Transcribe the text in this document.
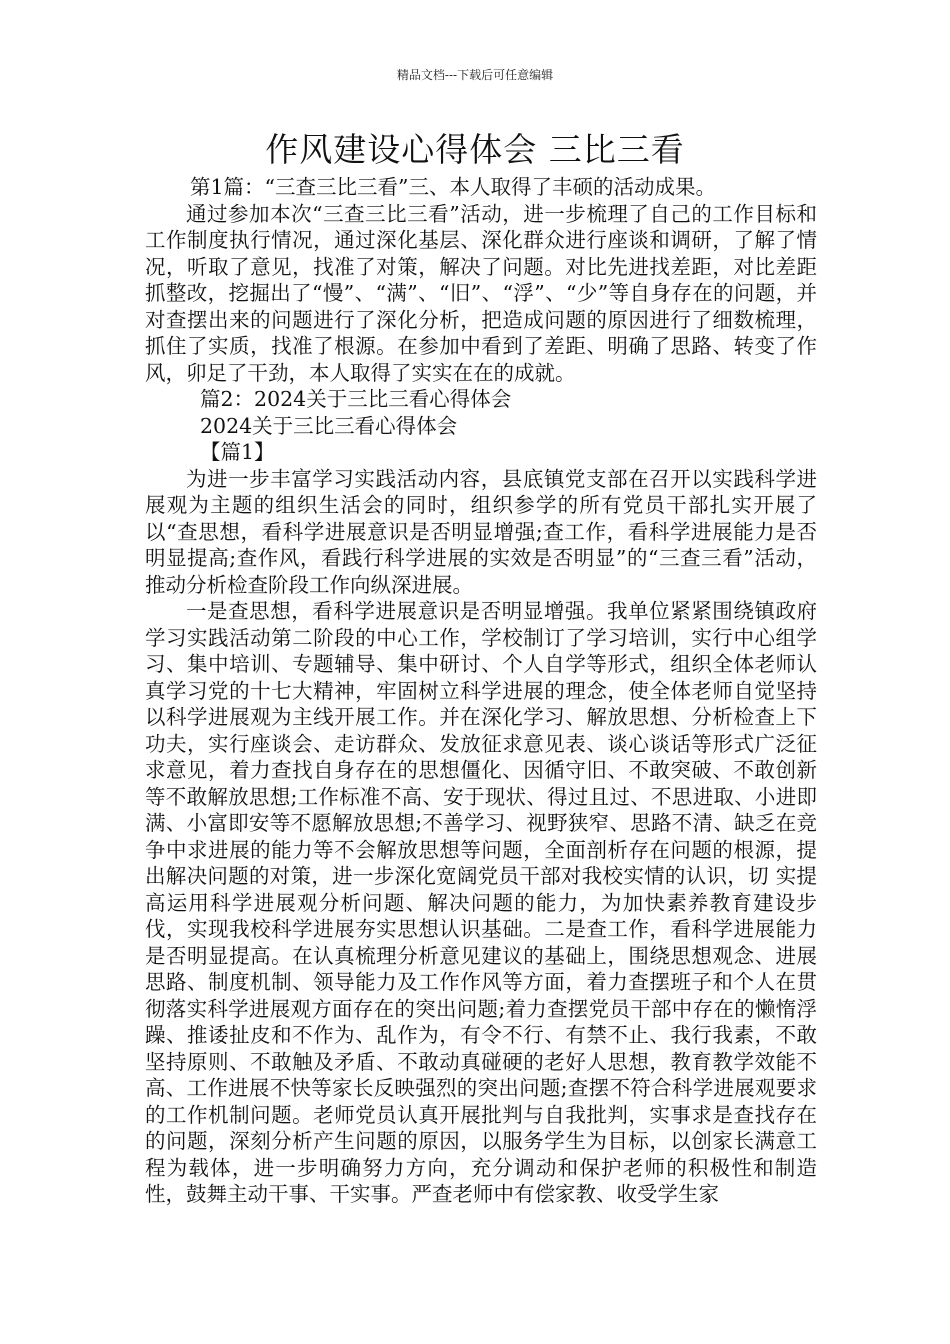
精品文档---下载后可任意编辑
作风建设心得体会 三比三看

第1篇：“三查三比三看”三、本人取得了丰硕的活动成果。

通过参加本次“三查三比三看”活动，进一步梳理了自己的工作目标和工作制度执行情况，通过深化基层、深化群众进行座谈和调研，了解了情况，听取了意见，找准了对策，解决了问题。对比先进找差距，对比差距抓整改，挖掘出了“慢”、“满”、“旧”、“浮”、“少”等自身存在的问题，并对查摆出来的问题进行了深化分析，把造成问题的原因进行了细数梳理，抓住了实质，找准了根源。在参加中看到了差距、明确了思路、转变了作风，卯足了干劲，本人取得了实实在在的成就。

篇2：2024关于三比三看心得体会

2024关于三比三看心得体会

【篇1】

为进一步丰富学习实践活动内容，县底镇党支部在召开以实践科学进展观为主题的组织生活会的同时，组织参学的所有党员干部扎实开展了以“查思想，看科学进展意识是否明显增强;查工作，看科学进展能力是否明显提高;查作风，看践行科学进展的实效是否明显”的“三查三看”活动，推动分析检查阶段工作向纵深进展。

一是查思想，看科学进展意识是否明显增强。我单位紧紧围绕镇政府学习实践活动第二阶段的中心工作，学校制订了学习培训，实行中心组学习、集中培训、专题辅导、集中研讨、个人自学等形式，组织全体老师认真学习党的十七大精神，牢固树立科学进展的理念，使全体老师自觉坚持以科学进展观为主线开展工作。并在深化学习、解放思想、分析检查上下功夫，实行座谈会、走访群众、发放征求意见表、谈心谈话等形式广泛征求意见，着力查找自身存在的思想僵化、因循守旧、不敢突破、不敢创新等不敢解放思想;工作标准不高、安于现状、得过且过、不思进取、小进即满、小富即安等不愿解放思想;不善学习、视野狭窄、思路不清、缺乏在竞争中求进展的能力等不会解放思想等问题，全面剖析存在问题的根源，提出解决问题的对策，进一步深化宽阔党员干部对我校实情的认识，切 实提高运用科学进展观分析问题、解决问题的能力，为加快素养教育建设步伐，实现我校科学进展夯实思想认识基础。二是查工作，看科学进展能力是否明显提高。在认真梳理分析意见建议的基础上，围绕思想观念、进展思路、制度机制、领导能力及工作作风等方面，着力查摆班子和个人在贯彻落实科学进展观方面存在的突出问题;着力查摆党员干部中存在的懒惰浮躁、推诿扯皮和不作为、乱作为，有令不行、有禁不止、我行我素，不敢坚持原则、不敢触及矛盾、不敢动真碰硬的老好人思想，教育教学效能不高、工作进展不快等家长反映强烈的突出问题;查摆不符合科学进展观要求的工作机制问题。老师党员认真开展批判与自我批判，实事求是查找存在的问题，深刻分析产生问题的原因，以服务学生为目标，以创家长满意工程为载体，进一步明确努力方向，充分调动和保护老师的积极性和制造性，鼓舞主动干事、干实事。严查老师中有偿家教、收受学生家
